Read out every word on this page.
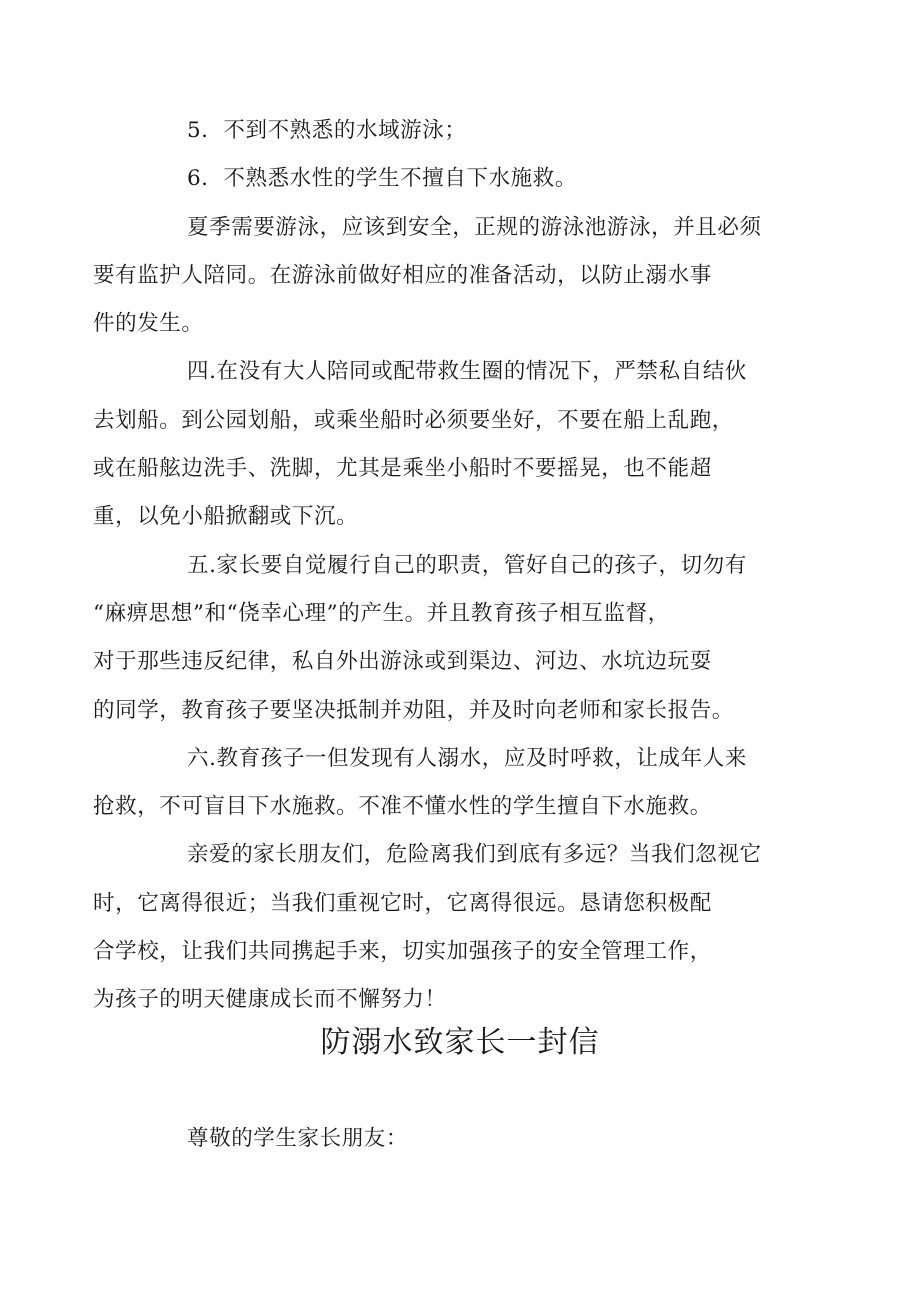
5．不到不熟悉的水域游泳；

6．不熟悉水性的学生不擅自下水施救。

夏季需要游泳，应该到安全，正规的游泳池游泳，并且必须
要有监护人陪同。在游泳前做好相应的准备活动，以防止溺水事
件的发生。

四.在没有大人陪同或配带救生圈的情况下，严禁私自结伙
去划船。到公园划船，或乘坐船时必须要坐好，不要在船上乱跑，
或在船舷边洗手、洗脚，尤其是乘坐小船时不要摇晃，也不能超
重，以免小船掀翻或下沉。

五.家长要自觉履行自己的职责，管好自己的孩子，切勿有
“麻痹思想”和“侥幸心理”的产生。并且教育孩子相互监督，
对于那些违反纪律，私自外出游泳或到渠边、河边、水坑边玩耍
的同学，教育孩子要坚决抵制并劝阻，并及时向老师和家长报告。

六.教育孩子一但发现有人溺水，应及时呼救，让成年人来
抢救，不可盲目下水施救。不准不懂水性的学生擅自下水施救。

亲爱的家长朋友们，危险离我们到底有多远？当我们忽视它
时，它离得很近；当我们重视它时，它离得很远。恳请您积极配
合学校，让我们共同携起手来，切实加强孩子的安全管理工作，
为孩子的明天健康成长而不懈努力！

防溺水致家长一封信

尊敬的学生家长朋友：
